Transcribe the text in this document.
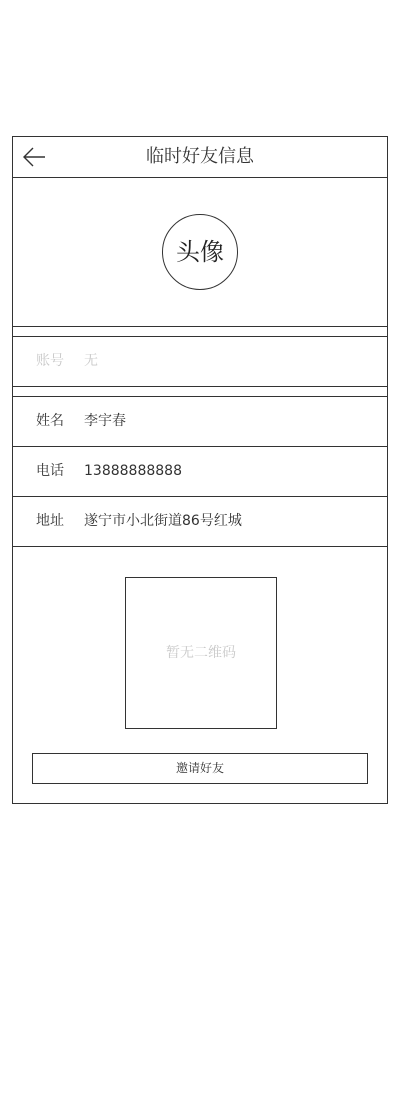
临时好友信息
头像
账号 无
姓名 李宇春
电话 13888888888
地址 遂宁市小北街道86号红城
暂无二维码
邀请好友
